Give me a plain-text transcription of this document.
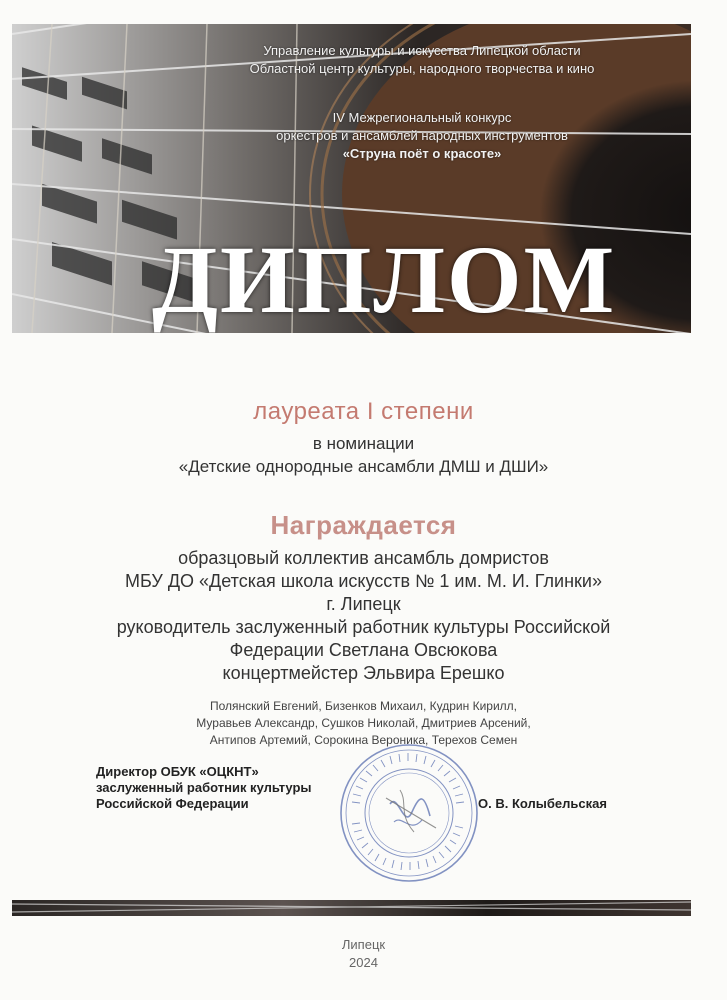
Управление культуры и искусства Липецкой области
Областной центр культуры, народного творчества и кино
IV Межрегиональный конкурс
оркестров и ансамблей народных инструментов
«Струна поёт о красоте»
ДИПЛОМ
лауреата I степени
в номинации
«Детские однородные ансамбли ДМШ и ДШИ»
Награждается
образцовый коллектив ансамбль домристов
МБУ ДО «Детская школа искусств № 1 им. М. И. Глинки»
г. Липецк
руководитель заслуженный работник культуры Российской
Федерации Светлана Овсюкова
концертмейстер Эльвира Ерешко
Полянский Евгений, Бизенков Михаил, Кудрин Кирилл,
Муравьев Александр, Сушков Николай, Дмитриев Арсений,
Антипов Артемий, Сорокина Вероника, Терехов Семен
Директор ОБУК «ОЦКНТ»
заслуженный работник культуры
Российской Федерации	О. В. Колыбельская
Липецк
2024
